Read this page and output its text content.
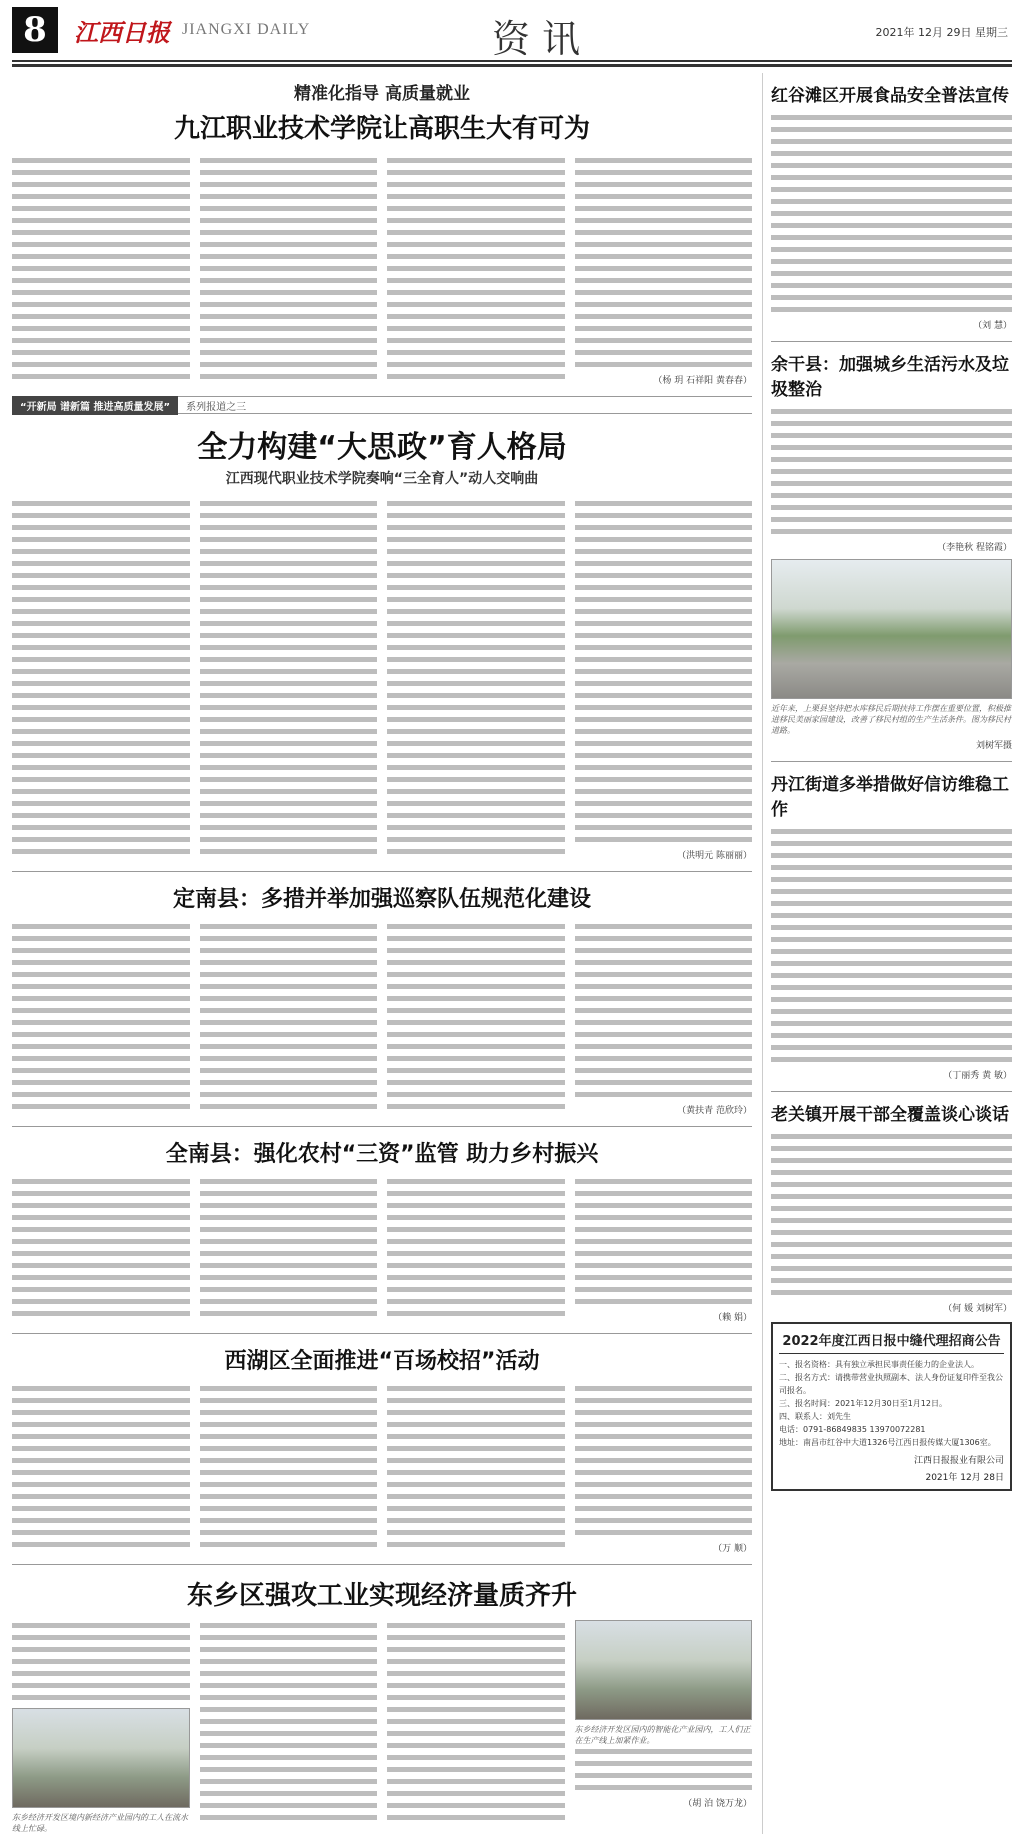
8	江西日报 JIANGXI DAILY	资讯	2021年 12月 29日 星期三
精准化指导 高质量就业
九江职业技术学院让高职生大有可为
（杨 玥 石祥阳 黄春春）
“开新局 谱新篇 推进高质量发展”	系列报道之三
全力构建“大思政”育人格局
江西现代职业技术学院奏响“三全育人”动人交响曲
（洪明元 陈丽丽）
定南县：多措并举加强巡察队伍规范化建设
（黄扶青 范欣玲）
全南县：强化农村“三资”监管 助力乡村振兴
（赖 娟）
西湖区全面推进“百场校招”活动
（万 顺）
东乡区强攻工业实现经济量质齐升
东乡经济开发区境内新经济产业园内的工人在流水线上忙碌。
东乡经济开发区园内的智能化产业园内，工人们正在生产线上加紧作业。
（胡 泊 饶万龙）
红谷滩区开展食品安全普法宣传
（刘 慧）
余干县：加强城乡生活污水及垃圾整治
（李艳秋 程铭霞）
近年来，上栗县坚持把水库移民后期扶持工作摆在重要位置，积极推进移民美丽家园建设，改善了移民村组的生产生活条件。图为移民村道路。
刘树军摄
丹江街道多举措做好信访维稳工作
（丁丽秀 黄 敏）
老关镇开展干部全覆盖谈心谈话
（何 媛 刘树军）
2022年度江西日报中缝代理招商公告
一、报名资格：具有独立承担民事责任能力的企业法人。
二、报名方式：请携带营业执照副本、法人身份证复印件至我公司报名。
三、报名时间：2021年12月30日至1月12日。
四、联系人：刘先生
电话：0791-86849835 13970072281
地址：南昌市红谷中大道1326号江西日报传媒大厦1306室。
江西日报报业有限公司
2021年 12月 28日
